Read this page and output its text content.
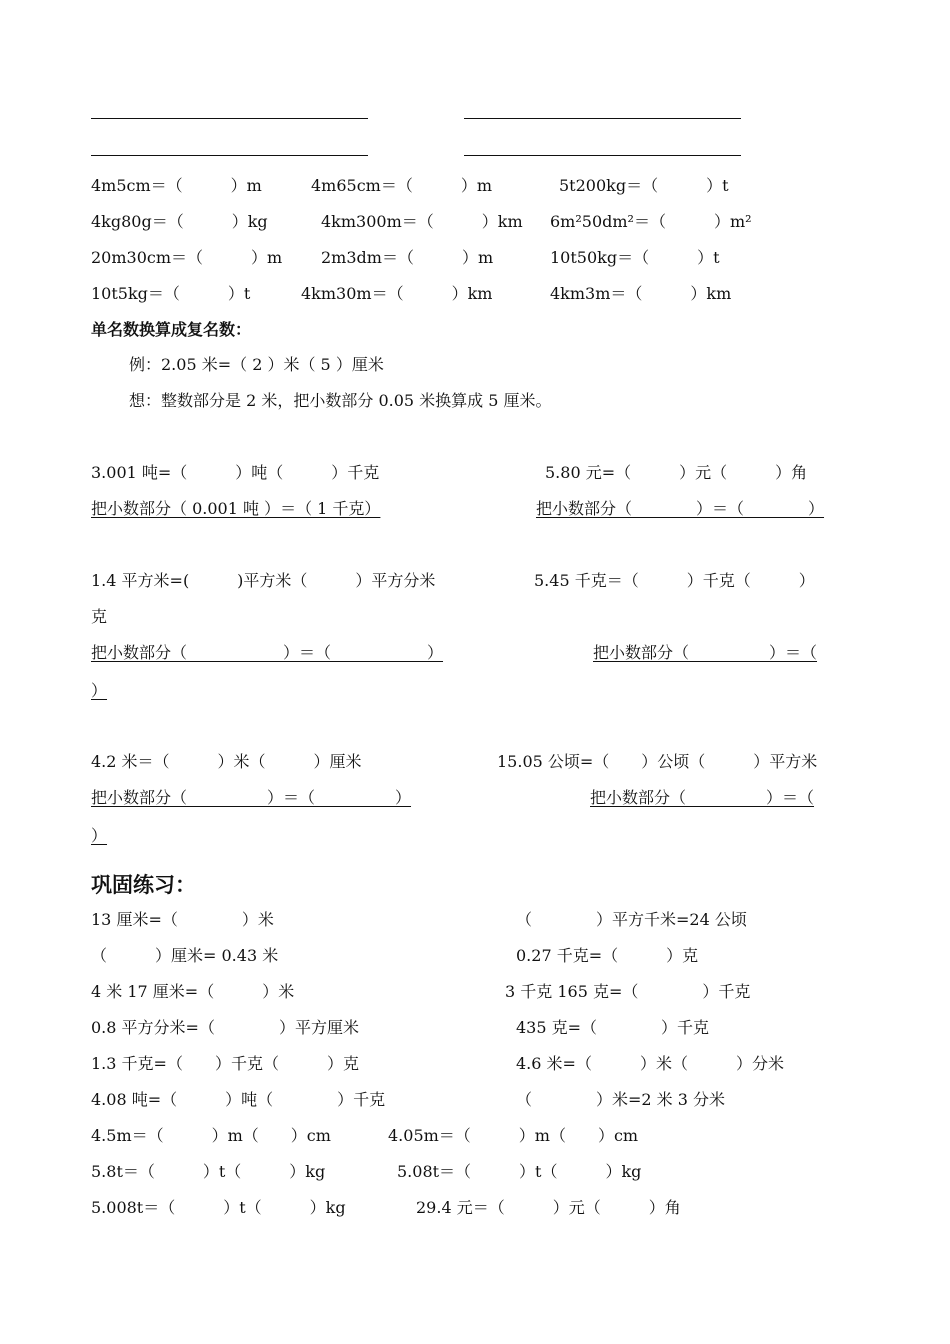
4m5cm＝（　　　）m	4m65cm＝（　　　）m	5t200kg＝（　　　）t
4kg80g＝（　　　）kg	4km300m＝（　　　）km 6m²50dm²＝（　　　）m²
20m30cm＝（　　　）m 2m3dm＝（　　　）m	10t50kg＝（　　　）t
10t5kg＝（　　　）t	4km30m＝（　　　）km	4km3m＝（　　　）km
单名数换算成复名数：
例：2.05 米=（ 2 ）米（ 5 ）厘米
想：整数部分是 2 米，把小数部分 0.05 米换算成 5 厘米。
3.001 吨=（　　　）吨（　　　）千克	5.80 元=（　　　）元（　　　）角
把小数部分（ 0.001 吨 ）＝（ 1 千克）	把小数部分（　　　　）＝（　　　　）
1.4 平方米=(　　　)平方米（　　　）平方分米	5.45 千克＝（　　　）千克（　　　）
克
把小数部分（　　　　　　）＝（　　　　　　）	把小数部分（　　　　　）＝（
）
4.2 米＝（　　　）米（　　　）厘米	15.05 公顷=（　　）公顷（　　　）平方米
把小数部分（　　　　　）＝（　　　　　）	把小数部分（　　　　　）＝（
）
巩固练习：
13 厘米=（　　　　）米	（　　　　）平方千米=24 公顷
（　　　）厘米= 0.43 米	0.27 千克=（　　　）克
4 米 17 厘米=（　　　）米	3 千克 165 克=（　　　　）千克
0.8 平方分米=（　　　　）平方厘米	435 克=（　　　　）千克
1.3 千克=（　　）千克（　　　）克	4.6 米=（　　　）米（　　　）分米
4.08 吨=（　　　）吨（　　　　）千克	（　　　　）米=2 米 3 分米
4.5m＝（　　　）m（　　）cm	4.05m＝（　　　）m（　　）cm
5.8t＝（　　　）t（　　　）kg	5.08t＝（　　　）t（　　　）kg
5.008t＝（　　　）t（　　　）kg	29.4 元＝（　　　）元（　　　）角
